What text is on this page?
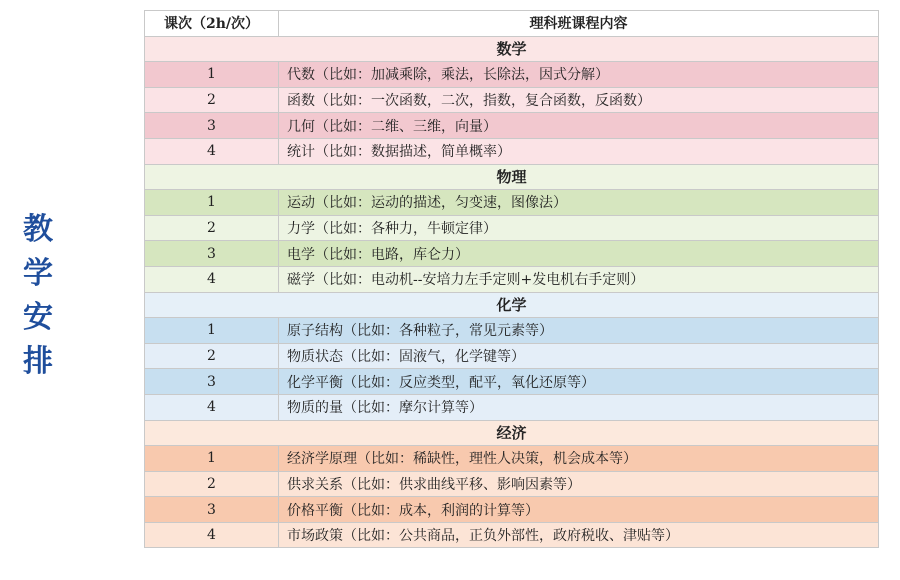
教
学
安
排
课次（2h/次）	理科班课程内容
数学	
1	代数（比如：加减乘除，乘法，长除法，因式分解）
2	函数（比如：一次函数，二次，指数，复合函数，反函数）
3	几何（比如：二维、三维，向量）
4	统计（比如：数据描述，简单概率）
物理	
1	运动（比如：运动的描述，匀变速，图像法）
2	力学（比如：各种力，牛顿定律）
3	电学（比如：电路，库仑力）
4	磁学（比如：电动机--安培力左手定则+发电机右手定则）
化学	
1	原子结构（比如：各种粒子，常见元素等）
2	物质状态（比如：固液气，化学键等）
3	化学平衡（比如：反应类型，配平，氧化还原等）
4	物质的量（比如：摩尔计算等）
经济	
1	经济学原理（比如：稀缺性，理性人决策，机会成本等）
2	供求关系（比如：供求曲线平移、影响因素等）
3	价格平衡（比如：成本，利润的计算等）
4	市场政策（比如：公共商品，正负外部性，政府税收、津贴等）
